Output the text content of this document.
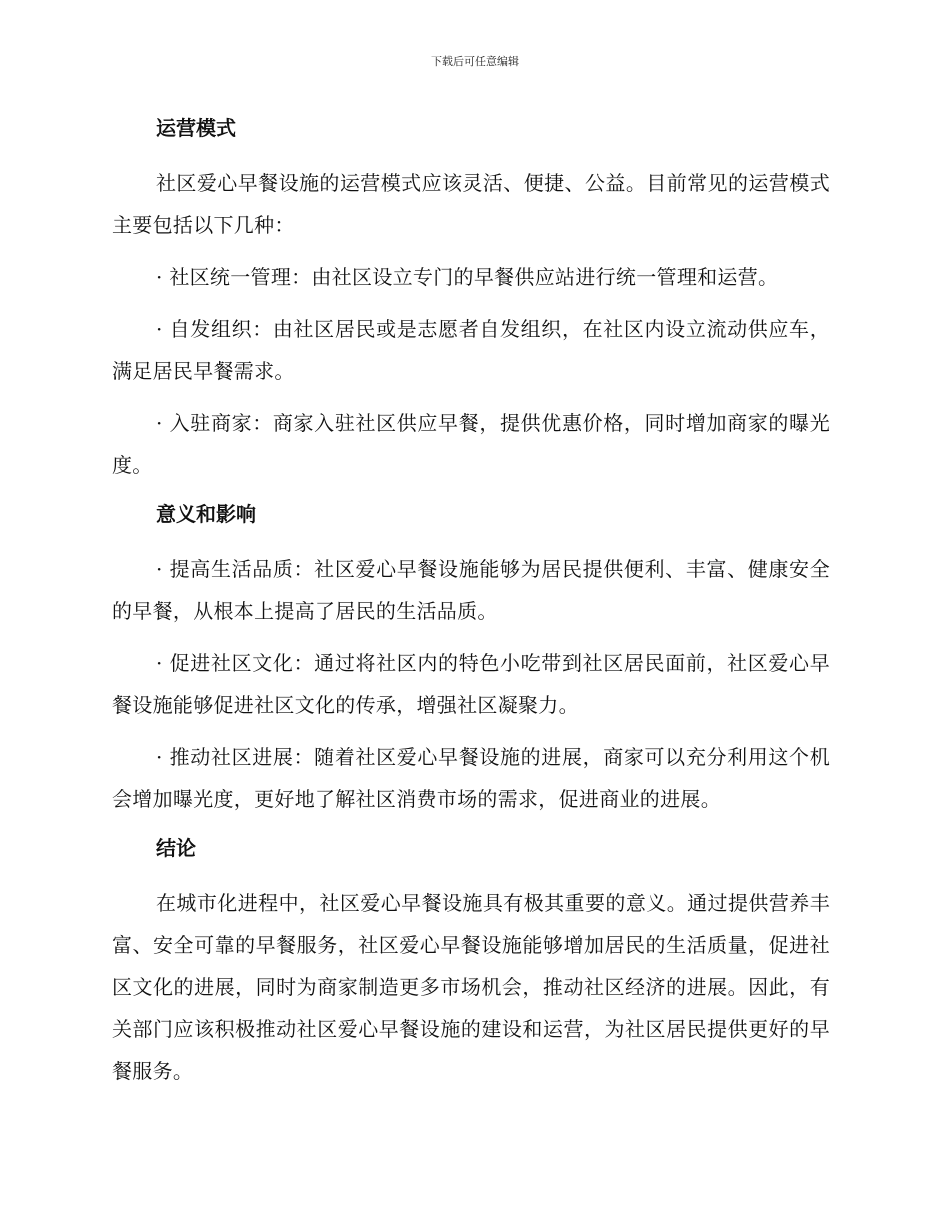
下载后可任意编辑
运营模式

社区爱心早餐设施的运营模式应该灵活、便捷、公益。目前常见的运营模式主要包括以下几种：

· 社区统一管理：由社区设立专门的早餐供应站进行统一管理和运营。

· 自发组织：由社区居民或是志愿者自发组织，在社区内设立流动供应车，满足居民早餐需求。

· 入驻商家：商家入驻社区供应早餐，提供优惠价格，同时增加商家的曝光度。

意义和影响

· 提高生活品质：社区爱心早餐设施能够为居民提供便利、丰富、健康安全的早餐，从根本上提高了居民的生活品质。

· 促进社区文化：通过将社区内的特色小吃带到社区居民面前，社区爱心早餐设施能够促进社区文化的传承，增强社区凝聚力。

· 推动社区进展：随着社区爱心早餐设施的进展，商家可以充分利用这个机会增加曝光度，更好地了解社区消费市场的需求，促进商业的进展。

结论

在城市化进程中，社区爱心早餐设施具有极其重要的意义。通过提供营养丰富、安全可靠的早餐服务，社区爱心早餐设施能够增加居民的生活质量，促进社区文化的进展，同时为商家制造更多市场机会，推动社区经济的进展。因此，有关部门应该积极推动社区爱心早餐设施的建设和运营，为社区居民提供更好的早餐服务。
